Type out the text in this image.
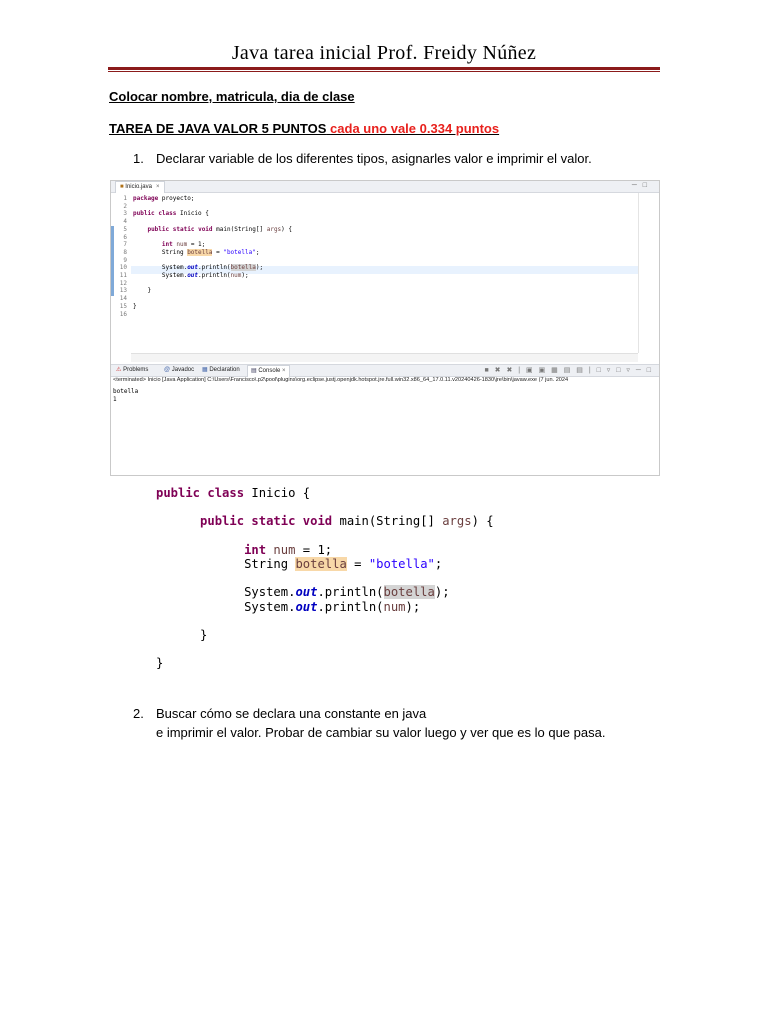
Java tarea inicial Prof. Freidy Núñez
Colocar nombre, matricula, dia de clase
TAREA DE JAVA VALOR 5 PUNTOS cada uno vale 0.334 puntos
1. Declarar variable de los diferentes tipos, asignarles valor e imprimir el valor.
■ Inicio.java ×	─□
1
2
3
4
5
6
7
8
9
10
11
12
13
14
15
16
package proyecto;

public class Inicio {

public static void main(String[] args) {

int num = 1;
String botella = "botella";

System.out.println(botella);
System.out.println(num);

}

}
⚠ Problems	@ Javadoc	▦ Declaration	▤ Console ×	■ ✖ ✖ | ▣ ▣ ▦ ▤ ▤ | □ ▿ □ ▿ ─ □
<terminated> Inicio [Java Application] C:\Users\Francisco\.p2\pool\plugins\org.eclipse.justj.openjdk.hotspot.jre.full.win32.x86_64_17.0.11.v20240426-1830\jre\bin\javaw.exe (7 jun. 2024
botella
1
public class Inicio {

public static void main(String[] args) {

int num = 1;
String botella = "botella";

System.out.println(botella);
System.out.println(num);

}

}
2. Buscar cómo se declara una constante en java
e imprimir el valor. Probar de cambiar su valor luego y ver que es lo que pasa.
